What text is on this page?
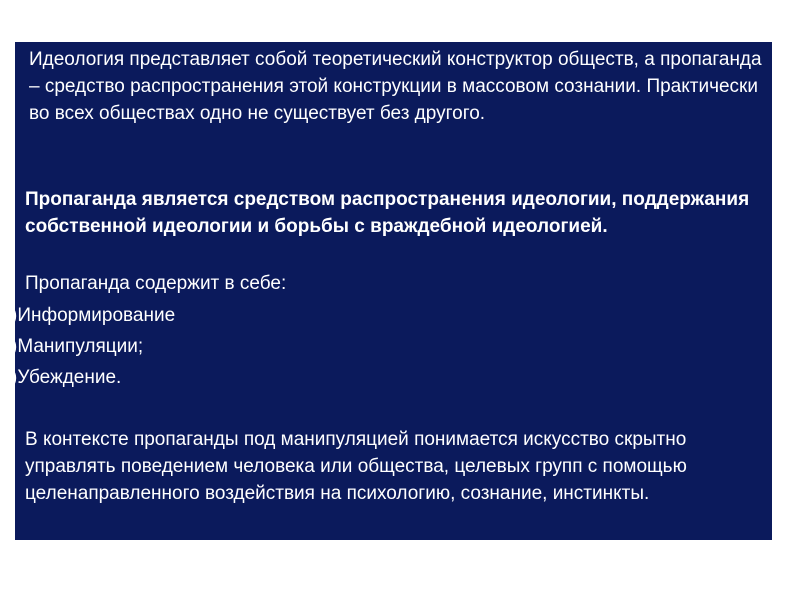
Идеология представляет собой теоретический конструктор обществ, а пропаганда – средство распространения этой конструкции в массовом сознании. Практически во всех обществах одно не существует без другого.

Пропаганда является средством распространения идеологии, поддержания собственной идеологии и борьбы с враждебной идеологией.

Пропаганда содержит в себе:

)Информирование
)Манипуляции;
)Убеждение.

В контексте пропаганды под манипуляцией понимается искусство скрытно управлять поведением человека или общества, целевых групп с помощью целенаправленного воздействия на психологию, сознание, инстинкты.
